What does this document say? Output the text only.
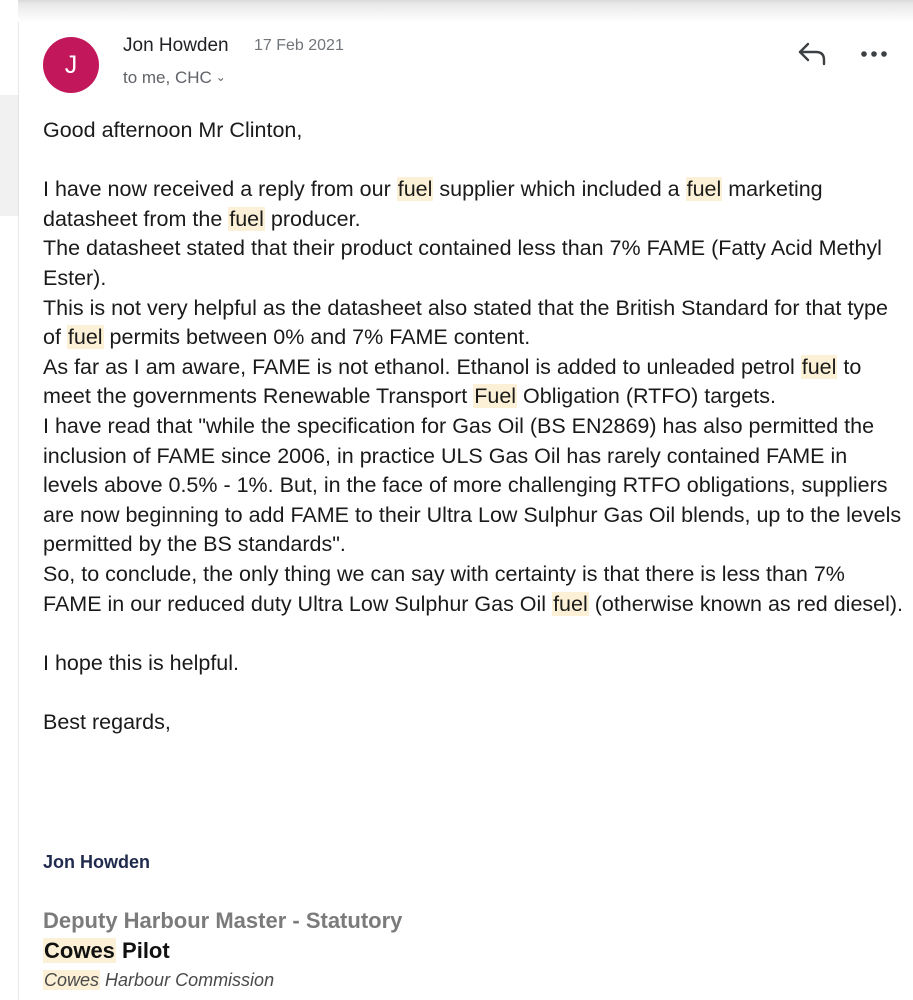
J
Jon Howden 17 Feb 2021
to me, CHC ⌄

Good afternoon Mr Clinton,

I have now received a reply from our fuel supplier which included a fuel marketing datasheet from the fuel producer.

The datasheet stated that their product contained less than 7% FAME (Fatty Acid Methyl Ester).

This is not very helpful as the datasheet also stated that the British Standard for that type of fuel permits between 0% and 7% FAME content.

As far as I am aware, FAME is not ethanol. Ethanol is added to unleaded petrol fuel to meet the governments Renewable Transport Fuel Obligation (RTFO) targets.

I have read that "while the specification for Gas Oil (BS EN2869) has also permitted the inclusion of FAME since 2006, in practice ULS Gas Oil has rarely contained FAME in levels above 0.5% - 1%. But, in the face of more challenging RTFO obligations, suppliers are now beginning to add FAME to their Ultra Low Sulphur Gas Oil blends, up to the levels permitted by the BS standards".

So, to conclude, the only thing we can say with certainty is that there is less than 7% FAME in our reduced duty Ultra Low Sulphur Gas Oil fuel (otherwise known as red diesel).

I hope this is helpful.

Best regards,

Jon Howden
Deputy Harbour Master - Statutory
Cowes Pilot
Cowes Harbour Commission
